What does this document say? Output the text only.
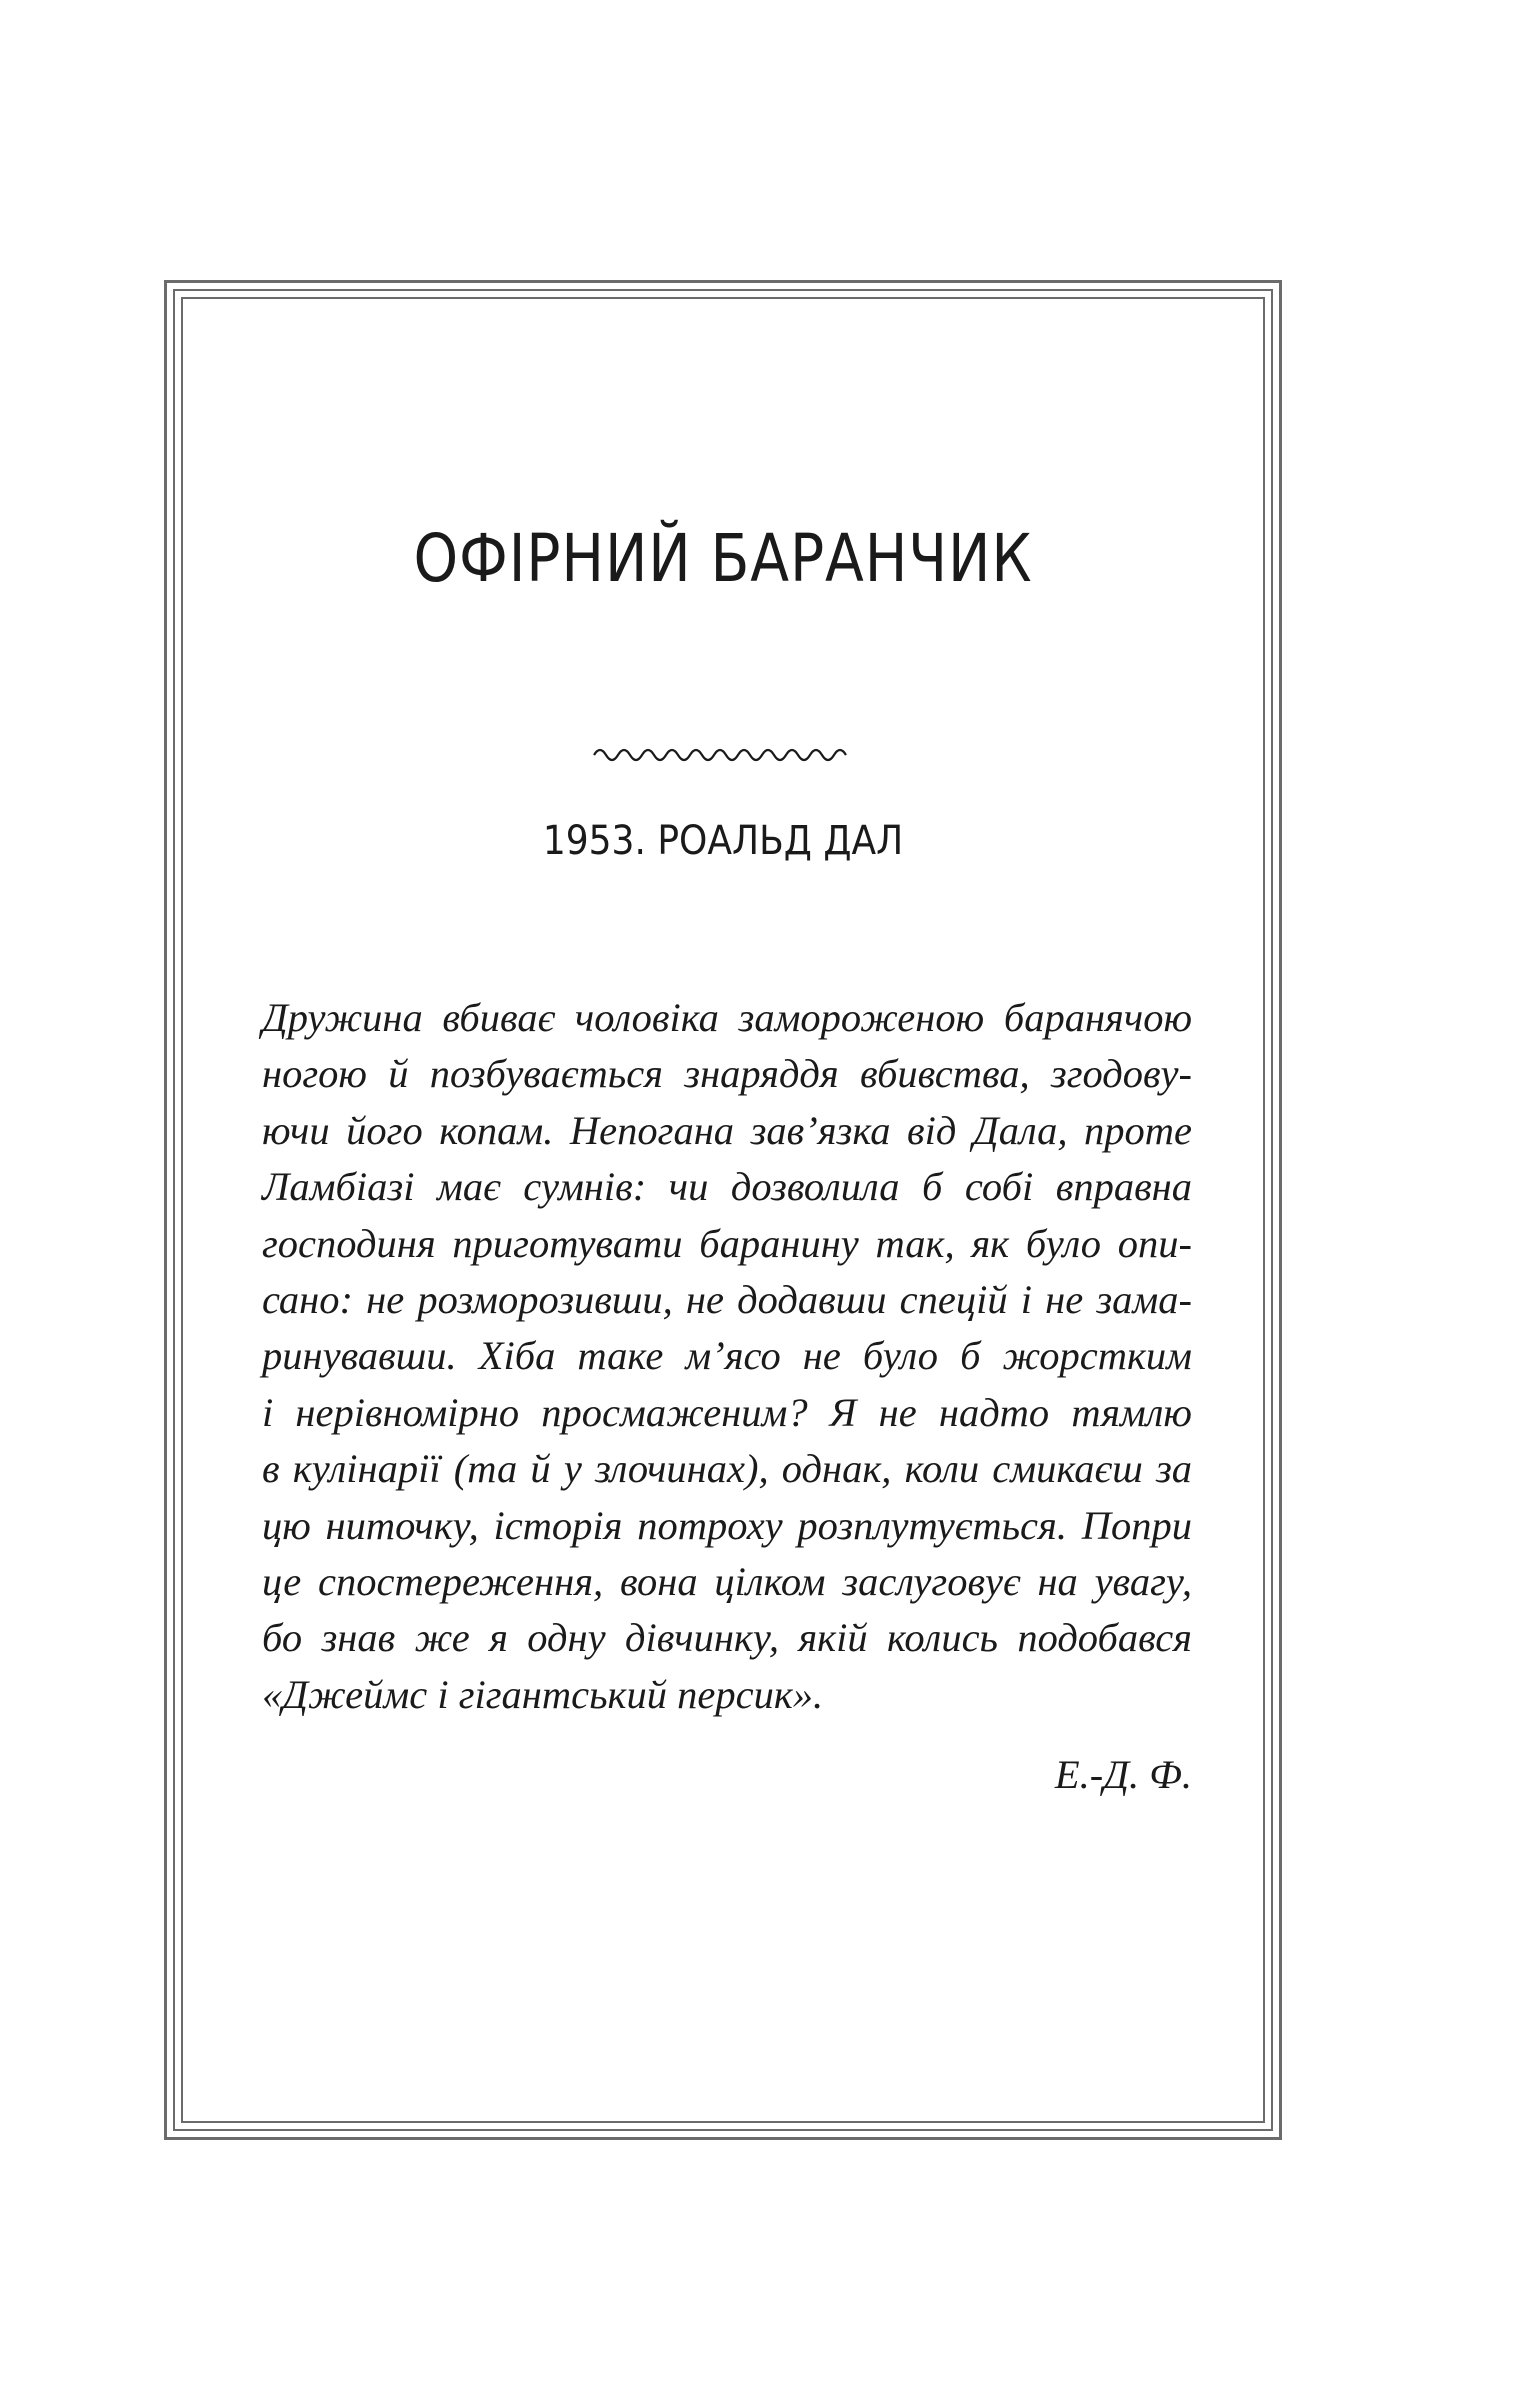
ОФІРНИЙ БАРАНЧИК
1953. РОАЛЬД ДАЛ
Дружина вбиває чоловіка замороженою баранячою
ногою й позбувається знаряддя вбивства, згодову-
ючи його копам. Непогана зав’язка від Дала, проте
Ламбіазі має сумнів: чи дозволила б собі вправна
господиня приготувати баранину так, як було опи-
сано: не розморозивши, не додавши спецій і не зама-
ринувавши. Хіба таке м’ясо не було б жорстким
і нерівномірно просмаженим? Я не надто тямлю
в кулінарії (та й у злочинах), однак, коли смикаєш за
цю ниточку, історія потроху розплутується. Попри
це спостереження, вона цілком заслуговує на увагу,
бо знав же я одну дівчинку, якій колись подобався
«Джеймс і гігантський персик».
Е.-Д. Ф.
